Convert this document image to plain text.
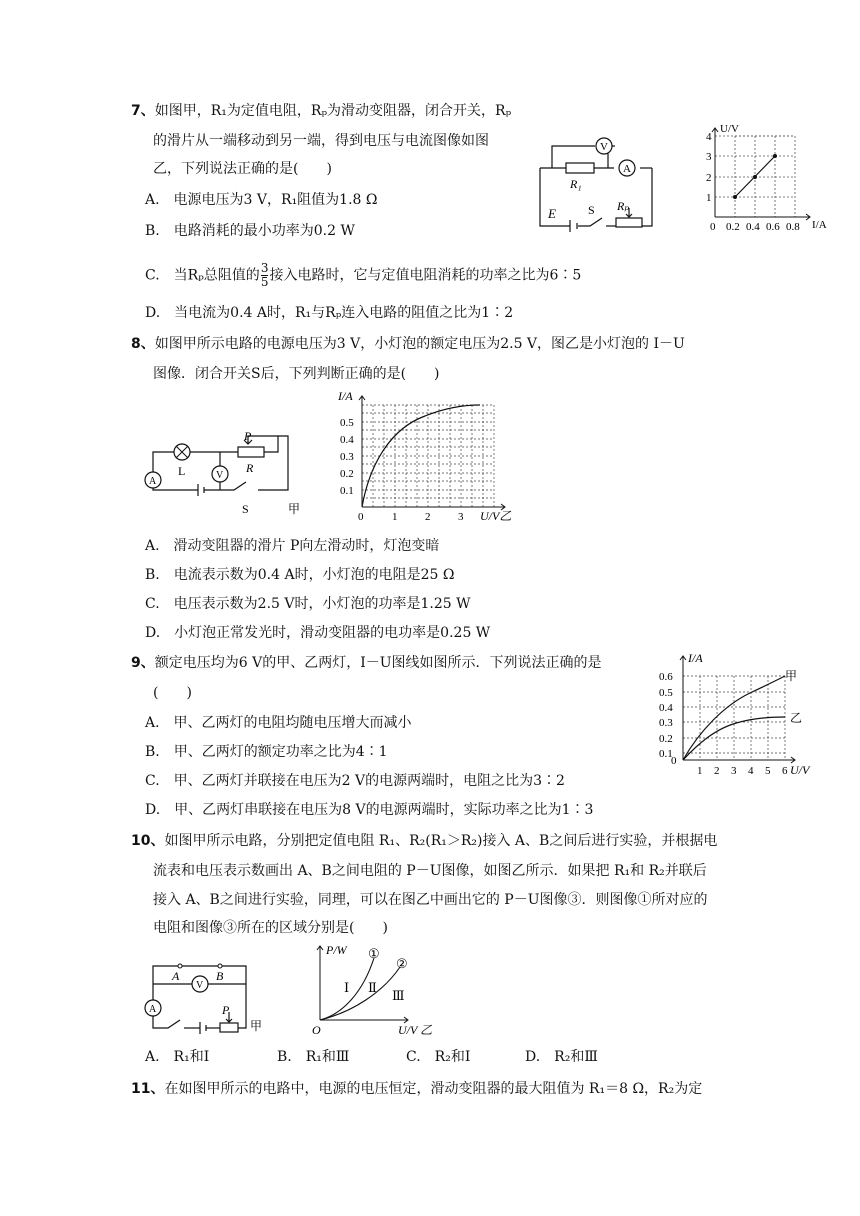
7、如图甲，R₁为定值电阻，Rₚ为滑动变阻器，闭合开关，Rₚ
的滑片从一端移动到另一端，得到电压与电流图像如图
乙，下列说法正确的是(　　)
A.　电源电压为3 V，R₁阻值为1.8 Ω
B.　电路消耗的最小功率为0.2 W
C.　当Rₚ总阻值的 $\frac{3}{5}$ 接入电路时，它与定值电阻消耗的功率之比为6∶5
D.　当电流为0.4 A时，R₁与Rₚ连入电路的阻值之比为1∶2
V
A
R₁
E	S Rₚ
U/V
I/A
1
2
3
4
0 0.2 0.4 0.6 0.8
8、如图甲所示电路的电源电压为3 V，小灯泡的额定电压为2.5 V，图乙是小灯泡的 I－U
图像．闭合开关S后，下列判断正确的是(　　)
A
L	V
P
R
S	甲
I/A
U/V乙
0.1
0.2
0.3
0.4
0.5
0	1	2	3
A.　滑动变阻器的滑片 P向左滑动时，灯泡变暗
B.　电流表示数为0.4 A时，小灯泡的电阻是25 Ω
C.　电压表示数为2.5 V时，小灯泡的功率是1.25 W
D.　小灯泡正常发光时，滑动变阻器的电功率是0.25 W
9、额定电压均为6 V的甲、乙两灯，I－U图线如图所示．下列说法正确的是
(　　)
A.　甲、乙两灯的电阻均随电压增大而减小
B.　甲、乙两灯的额定功率之比为4∶1
C.　甲、乙两灯并联接在电压为2 V的电源两端时，电阻之比为3∶2
D.　甲、乙两灯串联接在电压为8 V的电源两端时，实际功率之比为1∶3
I/A
U/V
甲
乙
0.1
0.2
0.3
0.4
0.5
0.6
0
1 2 3 4 5 6
10、如图甲所示电路，分别把定值电阻 R₁、R₂(R₁＞R₂)接入 A、B之间后进行实验，并根据电
流表和电压表示数画出 A、B之间电阻的 P－U图像，如图乙所示．如果把 R₁和 R₂并联后
接入 A、B之间进行实验，同理，可以在图乙中画出它的 P－U图像③．则图像①所对应的
电阻和图像③所在的区域分别是(　　)
A	B
V
A	P
甲
P/W
O	U/V 乙
①
②
Ⅰ Ⅱ
Ⅲ
A.　R₁和Ⅰ	B.　R₁和Ⅲ	C.　R₂和Ⅰ	D.　R₂和Ⅲ
11、在如图甲所示的电路中，电源的电压恒定，滑动变阻器的最大阻值为 R₁＝8 Ω，R₂为定
